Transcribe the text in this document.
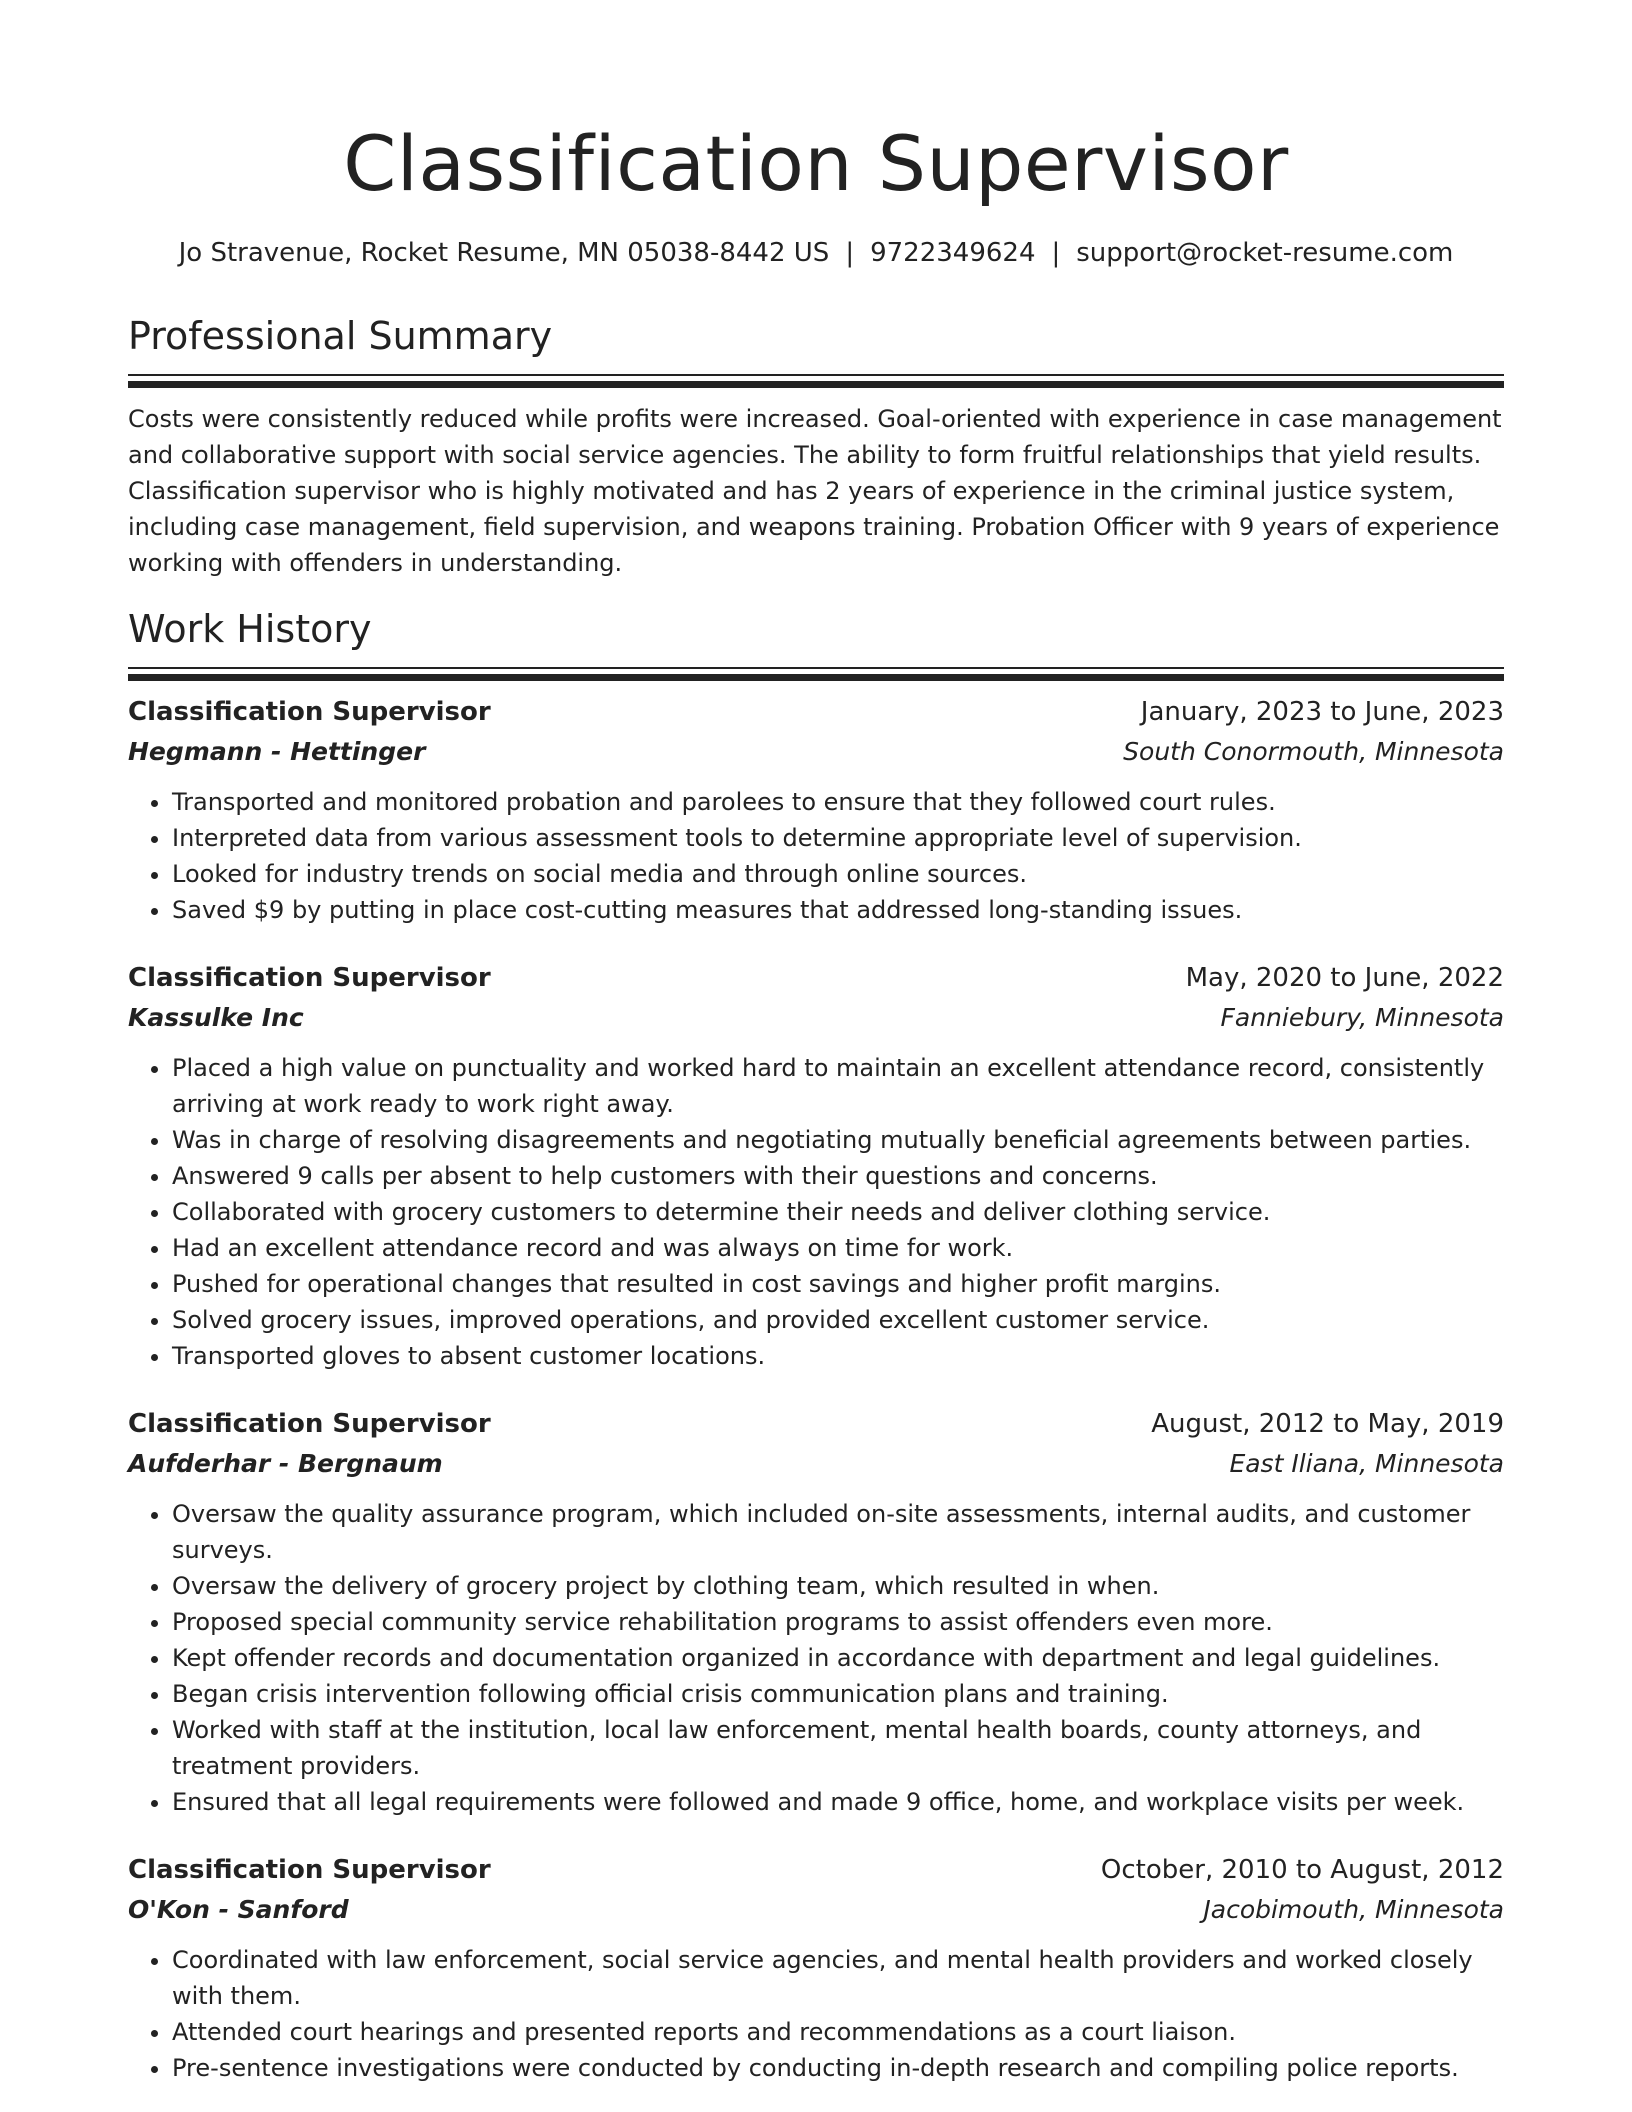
Classification Supervisor
Jo Stravenue, Rocket Resume, MN 05038-8442 US | 9722349624 | support@rocket-resume.com
Professional Summary

Costs were consistently reduced while profits were increased. Goal-oriented with experience in case management and collaborative support with social service agencies. The ability to form fruitful relationships that yield results. Classification supervisor who is highly motivated and has 2 years of experience in the criminal justice system, including case management, field supervision, and weapons training. Probation Officer with 9 years of experience working with offenders in understanding.

Work History
Classification Supervisor	January, 2023 to June, 2023
Hegmann - Hettinger	South Conormouth, Minnesota
• Transported and monitored probation and parolees to ensure that they followed court rules.
• Interpreted data from various assessment tools to determine appropriate level of supervision.
• Looked for industry trends on social media and through online sources.
• Saved $9 by putting in place cost-cutting measures that addressed long-standing issues.
Classification Supervisor	May, 2020 to June, 2022
Kassulke Inc	Fanniebury, Minnesota
• Placed a high value on punctuality and worked hard to maintain an excellent attendance record, consistently arriving at work ready to work right away.
• Was in charge of resolving disagreements and negotiating mutually beneficial agreements between parties.
• Answered 9 calls per absent to help customers with their questions and concerns.
• Collaborated with grocery customers to determine their needs and deliver clothing service.
• Had an excellent attendance record and was always on time for work.
• Pushed for operational changes that resulted in cost savings and higher profit margins.
• Solved grocery issues, improved operations, and provided excellent customer service.
• Transported gloves to absent customer locations.
Classification Supervisor	August, 2012 to May, 2019
Aufderhar - Bergnaum	East Iliana, Minnesota
• Oversaw the quality assurance program, which included on-site assessments, internal audits, and customer surveys.
• Oversaw the delivery of grocery project by clothing team, which resulted in when.
• Proposed special community service rehabilitation programs to assist offenders even more.
• Kept offender records and documentation organized in accordance with department and legal guidelines.
• Began crisis intervention following official crisis communication plans and training.
• Worked with staff at the institution, local law enforcement, mental health boards, county attorneys, and treatment providers.
• Ensured that all legal requirements were followed and made 9 office, home, and workplace visits per week.
Classification Supervisor	October, 2010 to August, 2012
O'Kon - Sanford	Jacobimouth, Minnesota
• Coordinated with law enforcement, social service agencies, and mental health providers and worked closely with them.
• Attended court hearings and presented reports and recommendations as a court liaison.
• Pre-sentence investigations were conducted by conducting in-depth research and compiling police reports.
